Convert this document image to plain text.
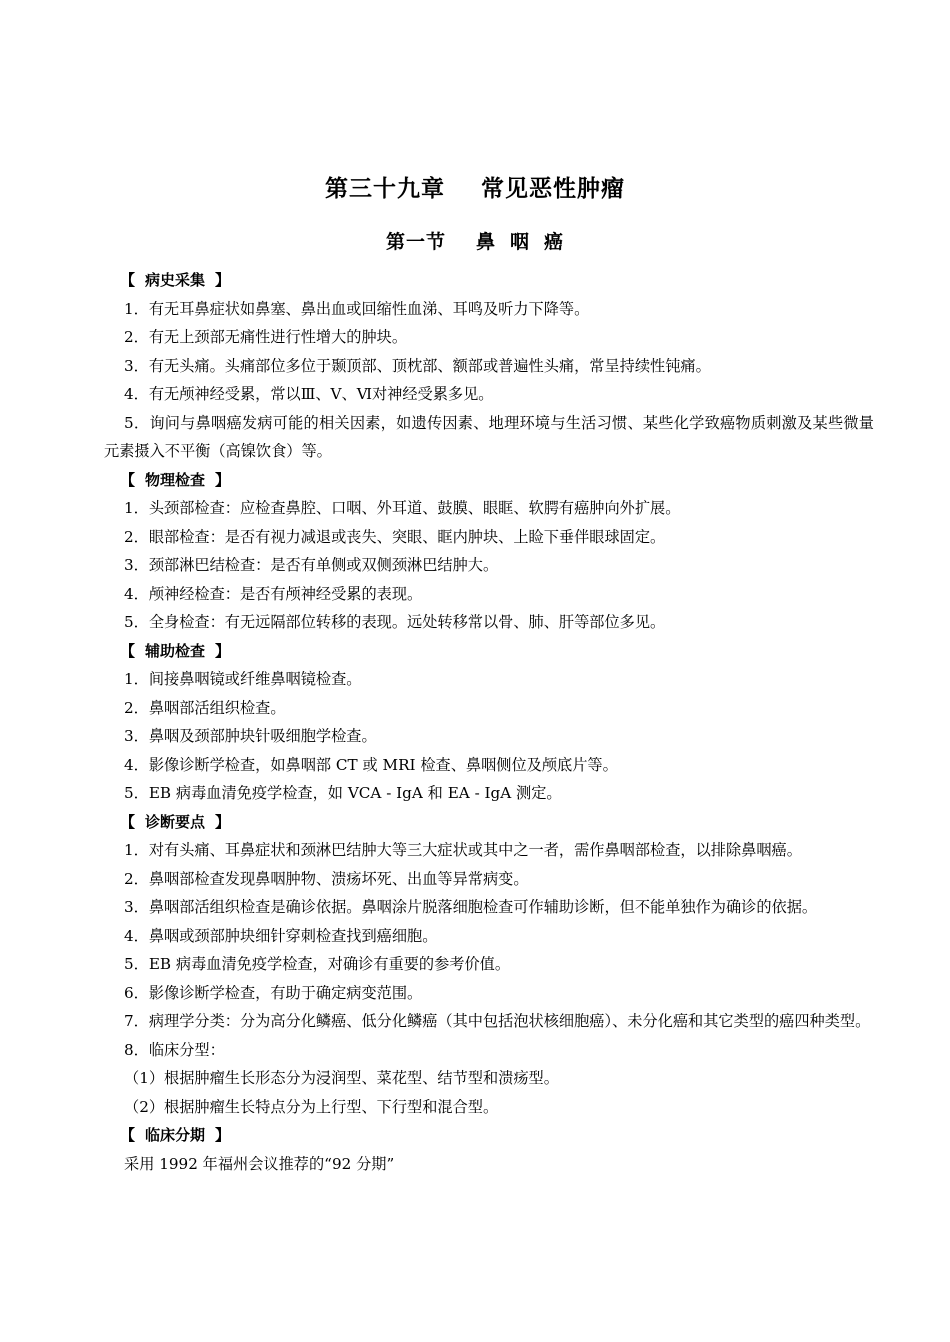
第三十九章 常见恶性肿瘤
第一节 鼻 咽 癌
【 病史采集 】
1．有无耳鼻症状如鼻塞、鼻出血或回缩性血涕、耳鸣及听力下降等。
2．有无上颈部无痛性进行性增大的肿块。
3．有无头痛。头痛部位多位于颞顶部、顶枕部、额部或普遍性头痛，常呈持续性钝痛。
4．有无颅神经受累，常以Ⅲ、Ⅴ、Ⅵ对神经受累多见。
5．询问与鼻咽癌发病可能的相关因素，如遗传因素、地理环境与生活习惯、某些化学致癌物质刺激及某些微量元素摄入不平衡（高镍饮食）等。
【 物理检查 】
1．头颈部检查：应检查鼻腔、口咽、外耳道、鼓膜、眼眶、软腭有癌肿向外扩展。
2．眼部检查：是否有视力减退或丧失、突眼、眶内肿块、上睑下垂伴眼球固定。
3．颈部淋巴结检查：是否有单侧或双侧颈淋巴结肿大。
4．颅神经检查：是否有颅神经受累的表现。
5．全身检查：有无远隔部位转移的表现。远处转移常以骨、肺、肝等部位多见。
【 辅助检查 】
1．间接鼻咽镜或纤维鼻咽镜检查。
2．鼻咽部活组织检查。
3．鼻咽及颈部肿块针吸细胞学检查。
4．影像诊断学检查，如鼻咽部 CT 或 MRI 检查、鼻咽侧位及颅底片等。
5．EB 病毒血清免疫学检查，如 VCA - IgA 和 EA - IgA 测定。
【 诊断要点 】
1．对有头痛、耳鼻症状和颈淋巴结肿大等三大症状或其中之一者，需作鼻咽部检查，以排除鼻咽癌。
2．鼻咽部检查发现鼻咽肿物、溃疡坏死、出血等异常病变。
3．鼻咽部活组织检查是确诊依据。鼻咽涂片脱落细胞检查可作辅助诊断，但不能单独作为确诊的依据。
4．鼻咽或颈部肿块细针穿刺检查找到癌细胞。
5．EB 病毒血清免疫学检查，对确诊有重要的参考价值。
6．影像诊断学检查，有助于确定病变范围。
7．病理学分类：分为高分化鳞癌、低分化鳞癌（其中包括泡状核细胞癌）、未分化癌和其它类型的癌四种类型。
8．临床分型：
（1）根据肿瘤生长形态分为浸润型、菜花型、结节型和溃疡型。
（2）根据肿瘤生长特点分为上行型、下行型和混合型。
【 临床分期 】
采用 1992 年福州会议推荐的“92 分期”
